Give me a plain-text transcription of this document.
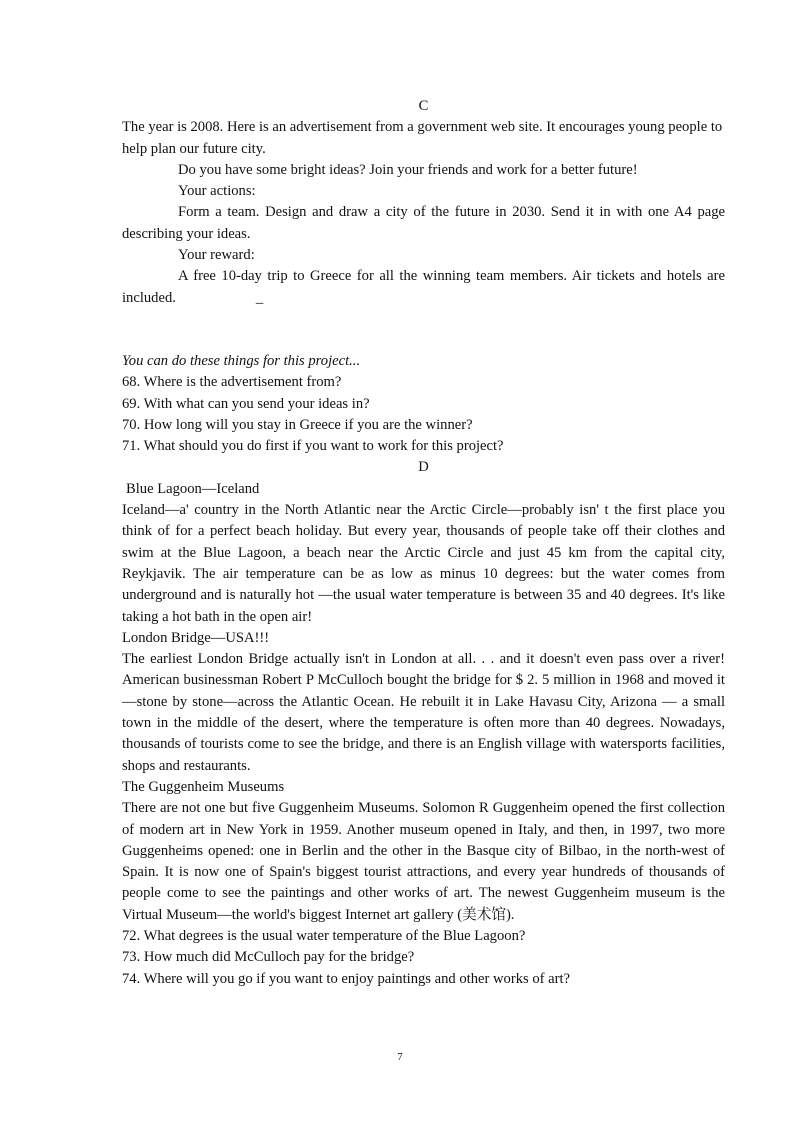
C

The year is 2008. Here is an advertisement from a government web site. It encourages young people to help plan our future city.

Do you have some bright ideas? Join your friends and work for a better future!

Your actions:

Form a team. Design and draw a city of the future in 2030. Send it in with one A4 page describing your ideas.

Your reward:

A free 10-day trip to Greece for all the winning team members. Air tickets and hotels are included.	_

You can do these things for this project...

68. Where is the advertisement from?

69. With what can you send your ideas in?

70. How long will you stay in Greece if you are the winner?

71. What should you do first if you want to work for this project?

D

Blue Lagoon—Iceland

Iceland—a' country in the North Atlantic near the Arctic Circle—probably isn' t the first place you think of for a perfect beach holiday. But every year, thousands of people take off their clothes and swim at the Blue Lagoon, a beach near the Arctic Circle and just 45 km from the capital city, Reykjavik. The air temperature can be as low as minus 10 degrees: but the water comes from underground and is naturally hot —the usual water temperature is between 35 and 40 degrees. It's like taking a hot bath in the open air!

London Bridge—USA!!!

The earliest London Bridge actually isn't in London at all. . . and it doesn't even pass over a river! American businessman Robert P McCulloch bought the bridge for $ 2. 5 million in 1968 and moved it—stone by stone—across the Atlantic Ocean. He rebuilt it in Lake Havasu City, Arizona — a small town in the middle of the desert, where the temperature is often more than 40 degrees. Nowadays, thousands of tourists come to see the bridge, and there is an English village with watersports facilities, shops and restaurants.

The Guggenheim Museums

There are not one but five Guggenheim Museums. Solomon R Guggenheim opened the first collection of modern art in New York in 1959. Another museum opened in Italy, and then, in 1997, two more Guggenheims opened: one in Berlin and the other in the Basque city of Bilbao, in the north-west of Spain. It is now one of Spain's biggest tourist attractions, and every year hundreds of thousands of people come to see the paintings and other works of art. The newest Guggenheim museum is the Virtual Museum—the world's biggest Internet art gallery (美术馆).

72. What degrees is the usual water temperature of the Blue Lagoon?

73. How much did McCulloch pay for the bridge?

74. Where will you go if you want to enjoy paintings and other works of art?

7
